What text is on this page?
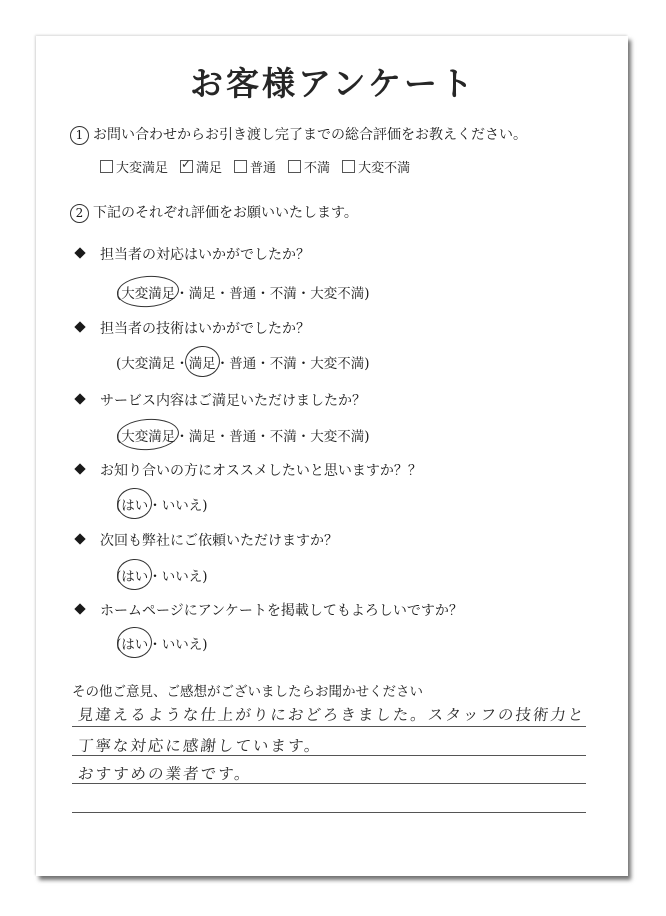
お客様アンケート
1 お問い合わせからお引き渡し完了までの総合評価をお教えください。
大変満足
✓ 満足 普通 不満 大変不満
2 下記のそれぞれ評価をお願いいたします。
担当者の対応はいかがでしたか？
(大変満足・満足・普通・不満・大変不満)
担当者の技術はいかがでしたか？
(大変満足・満足・普通・不満・大変不満)
サービス内容はご満足いただけましたか？
(大変満足・満足・普通・不満・大変不満)
お知り合いの方にオススメしたいと思いますか？？
(はい・いいえ)
次回も弊社にご依頼いただけますか？
(はい・いいえ)
ホームページにアンケートを掲載してもよろしいですか？
(はい・いいえ)
その他ご意見、ご感想がございましたらお聞かせください
見違えるような仕上がりにおどろきました。スタッフの技術力と
丁寧な対応に感謝しています。
おすすめの業者です。
